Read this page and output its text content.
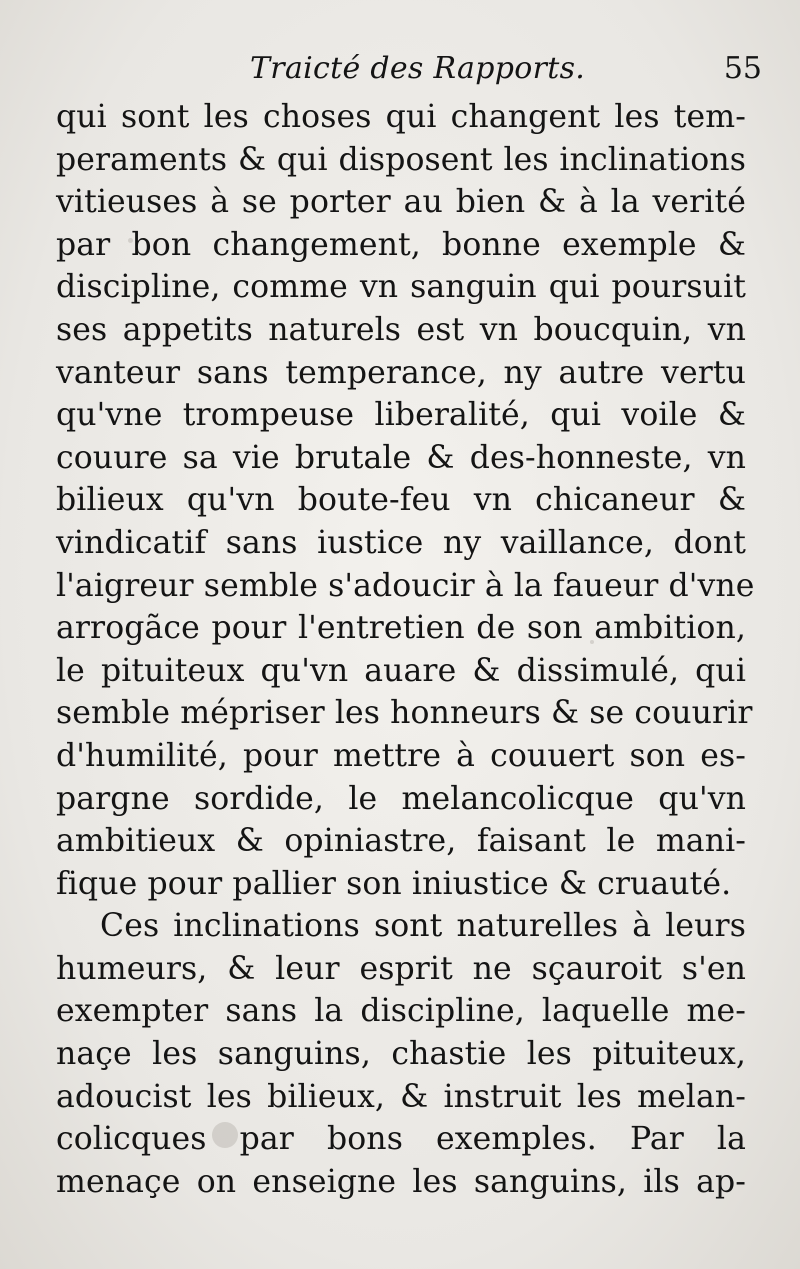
Traicté des Rapports.	55
qui sont les choses qui changent les tem-
peraments & qui disposent les inclinations
vitieuses à se porter au bien & à la verité
par bon changement, bonne exemple &
discipline, comme vn sanguin qui poursuit
ses appetits naturels est vn boucquin, vn
vanteur sans temperance, ny autre vertu
qu'vne trompeuse liberalité, qui voile &
couure sa vie brutale & des-honneste, vn
bilieux qu'vn boute-feu vn chicaneur &
vindicatif sans iustice ny vaillance, dont
l'aigreur semble s'adoucir à la faueur d'vne
arrogãce pour l'entretien de son ambition,
le pituiteux qu'vn auare & dissimulé, qui
semble mépriser les honneurs & se couurir
d'humilité, pour mettre à couuert son es-
pargne sordide, le melancolicque qu'vn
ambitieux & opiniastre, faisant le mani-
fique pour pallier son iniustice & cruauté.
Ces inclinations sont naturelles à leurs
humeurs, & leur esprit ne sçauroit s'en
exempter sans la discipline, laquelle me-
naçe les sanguins, chastie les pituiteux,
adoucist les bilieux, & instruit les melan-
colicques par bons exemples. Par la
menaçe on enseigne les sanguins, ils ap-
